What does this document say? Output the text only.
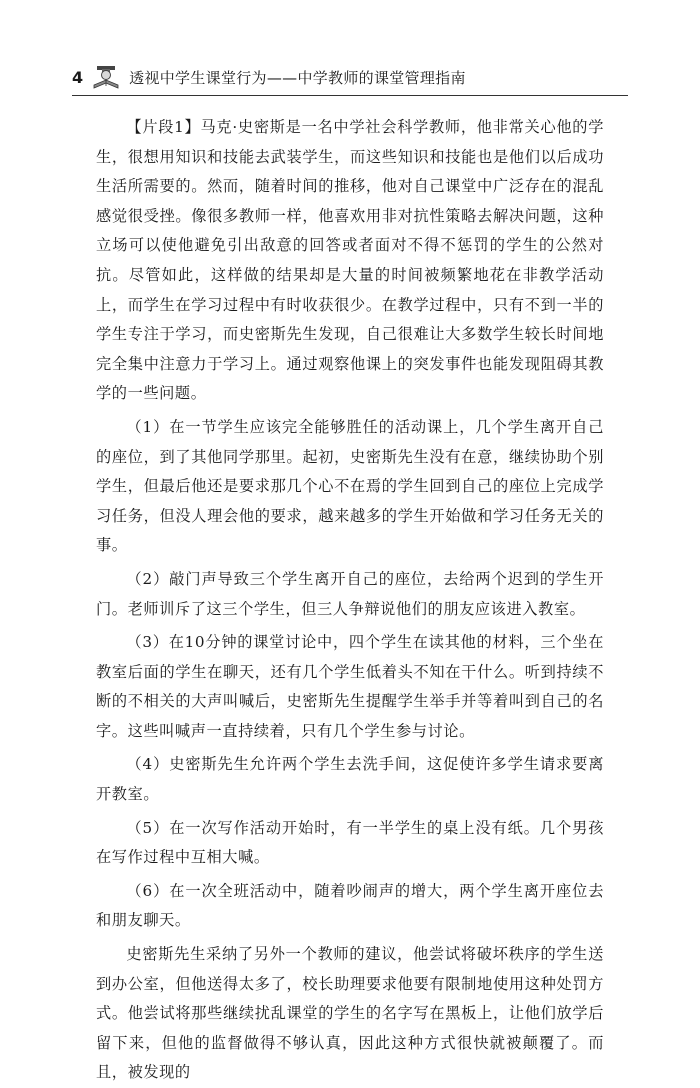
4	透视中学生课堂行为——中学教师的课堂管理指南

【片段1】马克·史密斯是一名中学社会科学教师，他非常关心他的学生，很想用知识和技能去武装学生，而这些知识和技能也是他们以后成功生活所需要的。然而，随着时间的推移，他对自己课堂中广泛存在的混乱感觉很受挫。像很多教师一样，他喜欢用非对抗性策略去解决问题，这种立场可以使他避免引出敌意的回答或者面对不得不惩罚的学生的公然对抗。尽管如此，这样做的结果却是大量的时间被频繁地花在非教学活动上，而学生在学习过程中有时收获很少。在教学过程中，只有不到一半的学生专注于学习，而史密斯先生发现，自己很难让大多数学生较长时间地完全集中注意力于学习上。通过观察他课上的突发事件也能发现阻碍其教学的一些问题。

（1）在一节学生应该完全能够胜任的活动课上，几个学生离开自己的座位，到了其他同学那里。起初，史密斯先生没有在意，继续协助个别学生，但最后他还是要求那几个心不在焉的学生回到自己的座位上完成学习任务，但没人理会他的要求，越来越多的学生开始做和学习任务无关的事。

（2）敲门声导致三个学生离开自己的座位，去给两个迟到的学生开门。老师训斥了这三个学生，但三人争辩说他们的朋友应该进入教室。

（3）在10分钟的课堂讨论中，四个学生在读其他的材料，三个坐在教室后面的学生在聊天，还有几个学生低着头不知在干什么。听到持续不断的不相关的大声叫喊后，史密斯先生提醒学生举手并等着叫到自己的名字。这些叫喊声一直持续着，只有几个学生参与讨论。

（4）史密斯先生允许两个学生去洗手间，这促使许多学生请求要离开教室。

（5）在一次写作活动开始时，有一半学生的桌上没有纸。几个男孩在写作过程中互相大喊。

（6）在一次全班活动中，随着吵闹声的增大，两个学生离开座位去和朋友聊天。

史密斯先生采纳了另外一个教师的建议，他尝试将破坏秩序的学生送到办公室，但他送得太多了，校长助理要求他要有限制地使用这种处罚方式。他尝试将那些继续扰乱课堂的学生的名字写在黑板上，让他们放学后留下来，但他的监督做得不够认真，因此这种方式很快就被颠覆了。而且，被发现的
